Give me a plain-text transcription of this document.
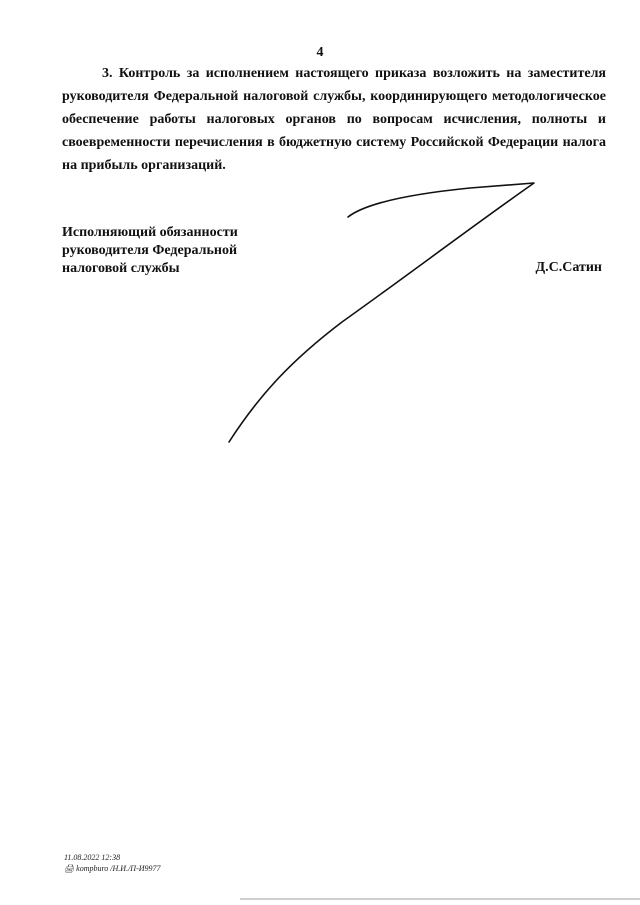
4

3. Контроль за исполнением настоящего приказа возложить на заместителя руководителя Федеральной налоговой службы, координирующего методологическое обеспечение работы налоговых органов по вопросам исчисления, полноты и своевременности перечисления в бюджетную систему Российской Федерации налога на прибыль организаций.

Исполняющий обязанности
руководителя Федеральной
налоговой службы	Д.С.Сатин
11.08.2022 12:38
🖨 kompburo /Н.И./П-И9977
